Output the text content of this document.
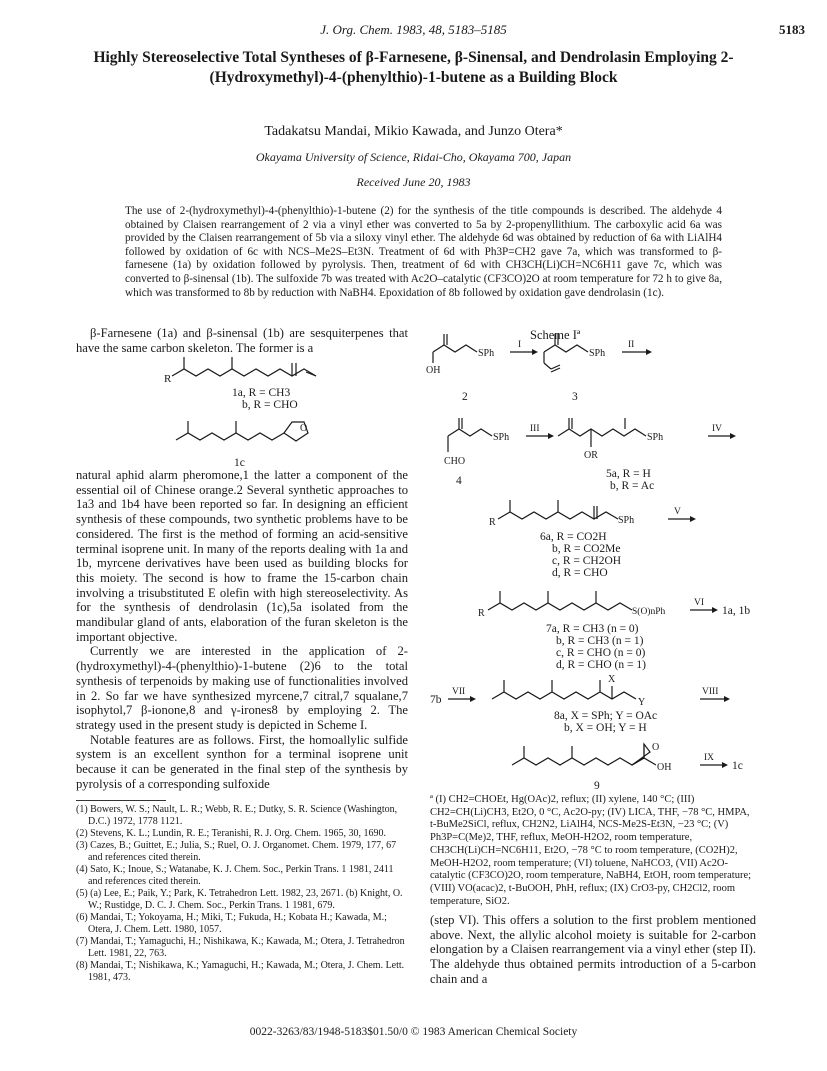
J. Org. Chem. 1983, 48, 5183–5185	5183
Highly Stereoselective Total Syntheses of β-Farnesene, β-Sinensal, and Dendrolasin Employing 2-(Hydroxymethyl)-4-(phenylthio)-1-butene as a Building Block
Tadakatsu Mandai, Mikio Kawada, and Junzo Otera*
Okayama University of Science, Ridai-Cho, Okayama 700, Japan
Received June 20, 1983
The use of 2-(hydroxymethyl)-4-(phenylthio)-1-butene (2) for the synthesis of the title compounds is described. The aldehyde 4 obtained by Claisen rearrangement of 2 via a vinyl ether was converted to 5a by 2-propenyllithium. The carboxylic acid 6a was provided by the Claisen rearrangement of 5b via a siloxy vinyl ether. The aldehyde 6d was obtained by reduction of 6a with LiAlH4 followed by oxidation of 6c with NCS–Me2S–Et3N. Treatment of 6d with Ph3P=CH2 gave 7a, which was transformed to β-farnesene (1a) by oxidation followed by pyrolysis. Then, treatment of 6d with CH3CH(Li)CH=NC6H11 gave 7c, which was converted to β-sinensal (1b). The sulfoxide 7b was treated with Ac2O–catalytic (CF3CO)2O at room temperature for 72 h to give 8a, which was transformed to 8b by reduction with NaBH4. Epoxidation of 8b followed by oxidation gave dendrolasin (1c).
β-Farnesene (1a) and β-sinensal (1b) are sesquiterpenes that have the same carbon skeleton. The former is a

natural aphid alarm pheromone,1 the latter a component of the essential oil of Chinese orange.2 Several synthetic approaches to 1a3 and 1b4 have been reported so far. In designing an efficient synthesis of these compounds, two synthetic problems have to be considered. The first is the method of forming an acid-sensitive terminal isoprene unit. In many of the reports dealing with 1a and 1b, myrcene derivatives have been used as building blocks for this moiety. The second is how to frame the 15-carbon chain involving a trisubstituted E olefin with high stereoselectivity. As for the synthesis of dendrolasin (1c),5a isolated from the mandibular gland of ants, elaboration of the furan skeleton is the important objective.

Currently we are interested in the application of 2-(hydroxymethyl)-4-(phenylthio)-1-butene (2)6 to the total synthesis of terpenoids by making use of functionalities involved in 2. So far we have synthesized myrcene,7 citral,7 squalane,7 isophytol,7 β-ionone,8 and γ-irones8 by employing 2. The strategy used in the present study is depicted in Scheme I.

Notable features are as follows. First, the homoallylic sulfide system is an excellent synthon for a terminal isoprene unit because it can be generated in the final step of the synthesis by pyrolysis of a corresponding sulfoxide

(1) Bowers, W. S.; Nault, L. R.; Webb, R. E.; Dutky, S. R. Science (Washington, D.C.) 1972, 1778 1121.

(2) Stevens, K. L.; Lundin, R. E.; Teranishi, R. J. Org. Chem. 1965, 30, 1690.

(3) Cazes, B.; Guittet, E.; Julia, S.; Ruel, O. J. Organomet. Chem. 1979, 177, 67 and references cited therein.

(4) Sato, K.; Inoue, S.; Watanabe, K. J. Chem. Soc., Perkin Trans. 1 1981, 2411 and references cited therein.

(5) (a) Lee, E.; Paik, Y.; Park, K. Tetrahedron Lett. 1982, 23, 2671. (b) Knight, O. W.; Rustidge, D. C. J. Chem. Soc., Perkin Trans. 1 1981, 679.

(6) Mandai, T.; Yokoyama, H.; Miki, T.; Fukuda, H.; Kobata H.; Kawada, M.; Otera, J. Chem. Lett. 1980, 1057.

(7) Mandai, T.; Yamaguchi, H.; Nishikawa, K.; Kawada, M.; Otera, J. Tetrahedron Lett. 1981, 22, 763.

(8) Mandai, T.; Nishikawa, K.; Yamaguchi, H.; Kawada, M.; Otera, J. Chem. Lett. 1981, 473.

Scheme Iª
ª (I) CH2=CHOEt, Hg(OAc)2, reflux; (II) xylene, 140 °C; (III) CH2=CH(Li)CH3, Et2O, 0 °C, Ac2O-py; (IV) LICA, THF, −78 °C, HMPA, t-BuMe2SiCl, reflux, CH2N2, LiAlH4, NCS-Me2S-Et3N, −23 °C; (V) Ph3P=C(Me)2, THF, reflux, MeOH-H2O2, room temperature, CH3CH(Li)CH=NC6H11, Et2O, −78 °C to room temperature, (CO2H)2, MeOH-H2O2, room temperature; (VI) toluene, NaHCO3, (VII) Ac2O-catalytic (CF3CO)2O, room temperature, NaBH4, EtOH, room temperature; (VIII) VO(acac)2, t-BuOOH, PhH, reflux; (IX) CrO3-py, CH2Cl2, room temperature, SiO2.
(step VI). This offers a solution to the first problem mentioned above. Next, the allylic alcohol moiety is suitable for 2-carbon elongation by a Claisen rearrangement via a vinyl ether (step II). The aldehyde thus obtained permits introduction of a 5-carbon chain and a
0022-3263/83/1948-5183$01.50/0 © 1983 American Chemical Society
R
1a, R = CH3
b, R = CHO
O
1c
SPh
OH
2
I
SPh
3
II
SPh
CHO
4
III
SPh
OR
5a, R = H
b, R = Ac
IV
R	SPh
V
6a, R = CO2H
b, R = CO2Me
c, R = CH2OH
d, R = CHO
R	S(O)nPh
VI
1a, 1b
7a, R = CH3 (n = 0)
b, R = CH3 (n = 1)
c, R = CHO (n = 0)
d, R = CHO (n = 1)
7b
VII
X
Y
VIII
8a, X = SPh; Y = OAc
b, X = OH; Y = H
O
OH
IX
1c
9
